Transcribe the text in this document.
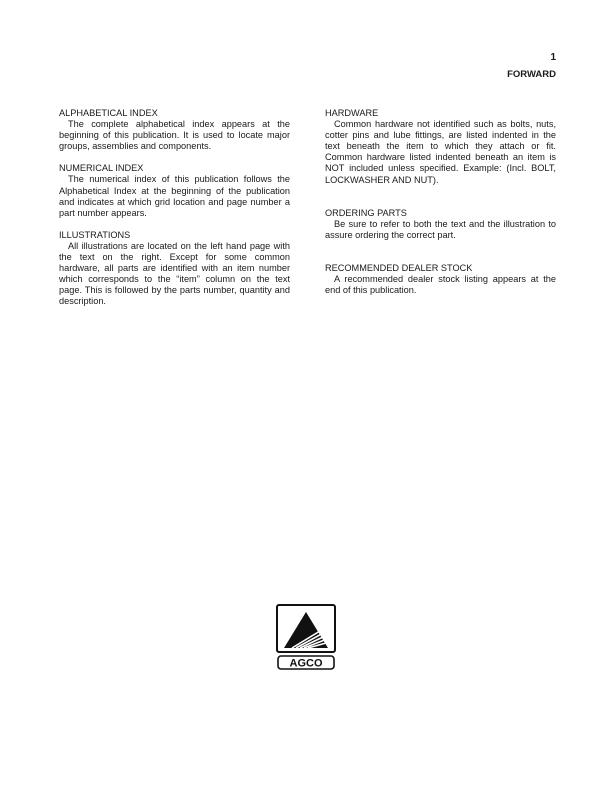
1
FORWARD

ALPHABETICAL INDEX

The complete alphabetical index appears at the beginning of this publication. It is used to locate major groups, assemblies and components.

NUMERICAL INDEX

The numerical index of this publication follows the Alphabetical Index at the beginning of the publication and indicates at which grid location and page number a part number appears.

ILLUSTRATIONS

All illustrations are located on the left hand page with the text on the right. Except for some common hardware, all parts are identified with an item number which corresponds to the “item” column on the text page. This is followed by the parts number, quantity and description.

HARDWARE

Common hardware not identified such as bolts, nuts, cotter pins and lube fittings, are listed indented in the text beneath the item to which they attach or fit. Common hardware listed indented beneath an item is NOT included unless specified. Example: (Incl. BOLT, LOCKWASHER AND NUT).

ORDERING PARTS

Be sure to refer to both the text and the illustration to assure ordering the correct part.

RECOMMENDED DEALER STOCK

A recommended dealer stock listing appears at the end of this publication.

AGCO
